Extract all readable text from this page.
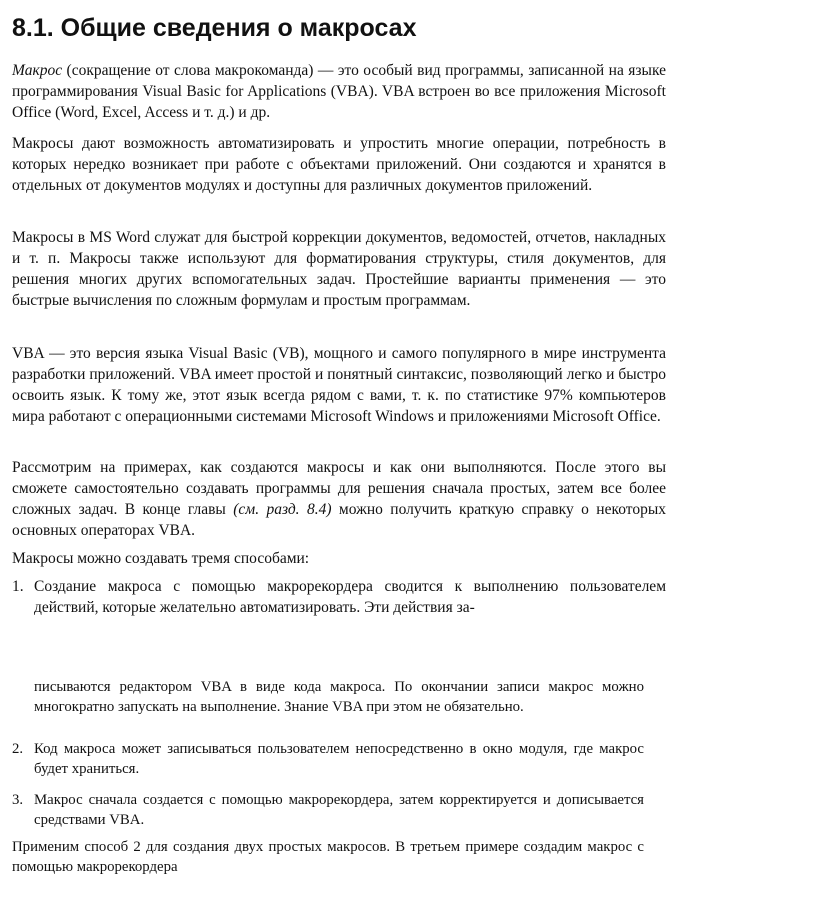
8.1. Общие сведения о макросах

Макрос (сокращение от слова макрокоманда) — это особый вид программы, записанной на языке программирования Visual Basic for Applications (VBA). VBA встроен во все приложения Microsoft Office (Word, Excel, Access и т. д.) и др.

Макросы дают возможность автоматизировать и упростить многие операции, потребность в которых нередко возникает при работе с объектами приложений. Они создаются и хранятся в отдельных от документов модулях и доступны для различных документов приложений.

Макросы в MS Word служат для быстрой коррекции документов, ведомостей, отчетов, накладных и т. п. Макросы также используют для форматирования структуры, стиля документов, для решения многих других вспомогательных задач. Простейшие варианты применения — это быстрые вычисления по сложным формулам и простым программам.

VBA — это версия языка Visual Basic (VB), мощного и самого популярного в мире инструмента разработки приложений. VBA имеет простой и понятный синтаксис, позволяющий легко и быстро освоить язык. К тому же, этот язык всегда рядом с вами, т. к. по статистике 97% компьютеров мира работают с операционными системами Microsoft Windows и приложениями Microsoft Office.

Рассмотрим на примерах, как создаются макросы и как они выполняются. После этого вы сможете самостоятельно создавать программы для решения сначала простых, затем все более сложных задач. В конце главы (см. разд. 8.4) можно получить краткую справку о некоторых основных операторах VBA.

Макросы можно создавать тремя способами:

1. Создание макроса с помощью макрорекордера сводится к выполнению пользователем действий, которые желательно автоматизировать. Эти действия за-
писываются редактором VBA в виде кода макроса. По окончании записи макрос можно многократно запускать на выполнение. Знание VBA при этом не обязательно.
2. Код макроса может записываться пользователем непосредственно в окно модуля, где макрос будет храниться.
3. Макрос сначала создается с помощью макрорекордера, затем корректируется и дописывается средствами VBA.

Применим способ 2 для создания двух простых макросов. В третьем примере создадим макрос с помощью макрорекордера
